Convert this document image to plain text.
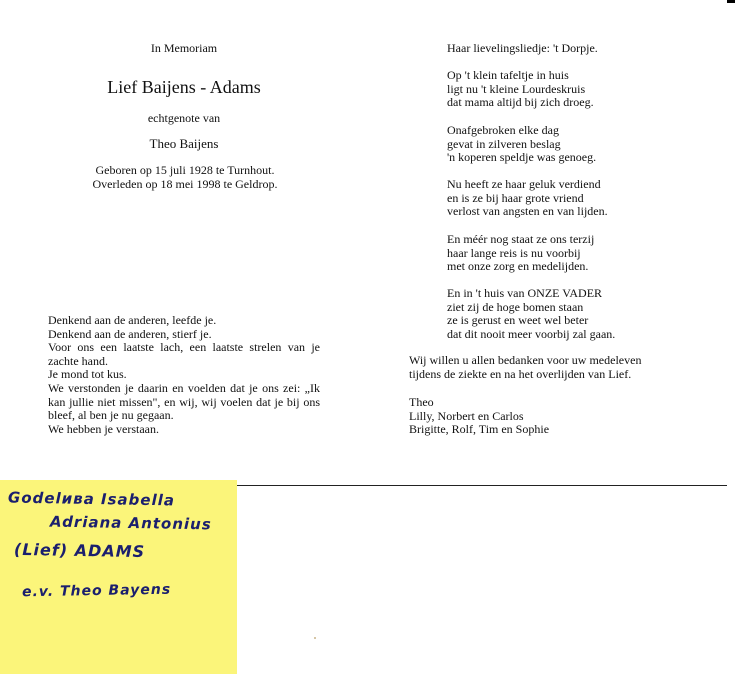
In Memoriam
Lief Baijens - Adams
echtgenote van
Theo Baijens
Geboren op 15 juli 1928 te Turnhout.
Overleden op 18 mei 1998 te Geldrop.
Denkend aan de anderen, leefde je.
Denkend aan de anderen, stierf je.
Voor ons een laatste lach, een laatste strelen van je zachte hand.
Je mond tot kus.
We verstonden je daarin en voelden dat je ons zei: „Ik kan jullie niet missen", en wij, wij voelen dat je bij ons bleef, al ben je nu gegaan.
We hebben je verstaan.
Haar lievelingsliedje: 't Dorpje.
Op 't klein tafeltje in huis
ligt nu 't kleine Lourdeskruis
dat mama altijd bij zich droeg.
Onafgebroken elke dag
gevat in zilveren beslag
'n koperen speldje was genoeg.
Nu heeft ze haar geluk verdiend
en is ze bij haar grote vriend
verlost van angsten en van lijden.
En méér nog staat ze ons terzij
haar lange reis is nu voorbij
met onze zorg en medelijden.
En in 't huis van ONZE VADER
ziet zij de hoge bomen staan
ze is gerust en weet wel beter
dat dit nooit meer voorbij zal gaan.
Wij willen u allen bedanken voor uw medeleven
tijdens de ziekte en na het overlijden van Lief.
Theo
Lilly, Norbert en Carlos
Brigitte, Rolf, Tim en Sophie
Godelива Isabella
Adriana Antonius
(Lief) ADAMS
e.v. Theo Bayens
